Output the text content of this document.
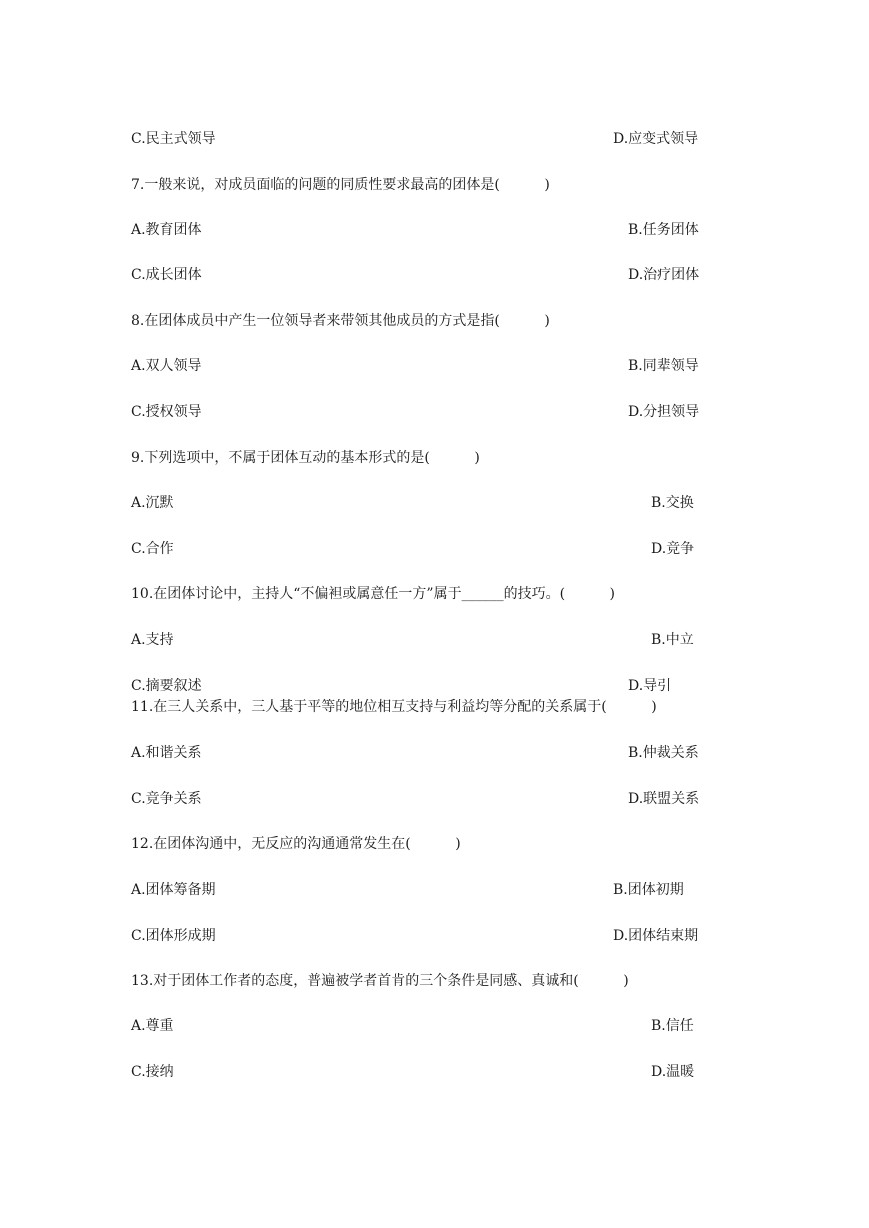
C.民主式领导	D.应变式领导
7.一般来说，对成员面临的问题的同质性要求最高的团体是(          )
A.教育团体	B.任务团体
C.成长团体	D.治疗团体
8.在团体成员中产生一位领导者来带领其他成员的方式是指(          )
A.双人领导	B.同辈领导
C.授权领导	D.分担领导
9.下列选项中，不属于团体互动的基本形式的是(          )
A.沉默	B.交换
C.合作	D.竞争
10.在团体讨论中，主持人“不偏袒或属意任一方”属于______的技巧。(          )
A.支持	B.中立
C.摘要叙述	D.导引
11.在三人关系中，三人基于平等的地位相互支持与利益均等分配的关系属于(          )
A.和谐关系	B.仲裁关系
C.竞争关系	D.联盟关系
12.在团体沟通中，无反应的沟通通常发生在(          )
A.团体筹备期	B.团体初期
C.团体形成期	D.团体结束期
13.对于团体工作者的态度，普遍被学者首肯的三个条件是同感、真诚和(          )
A.尊重	B.信任
C.接纳	D.温暖
